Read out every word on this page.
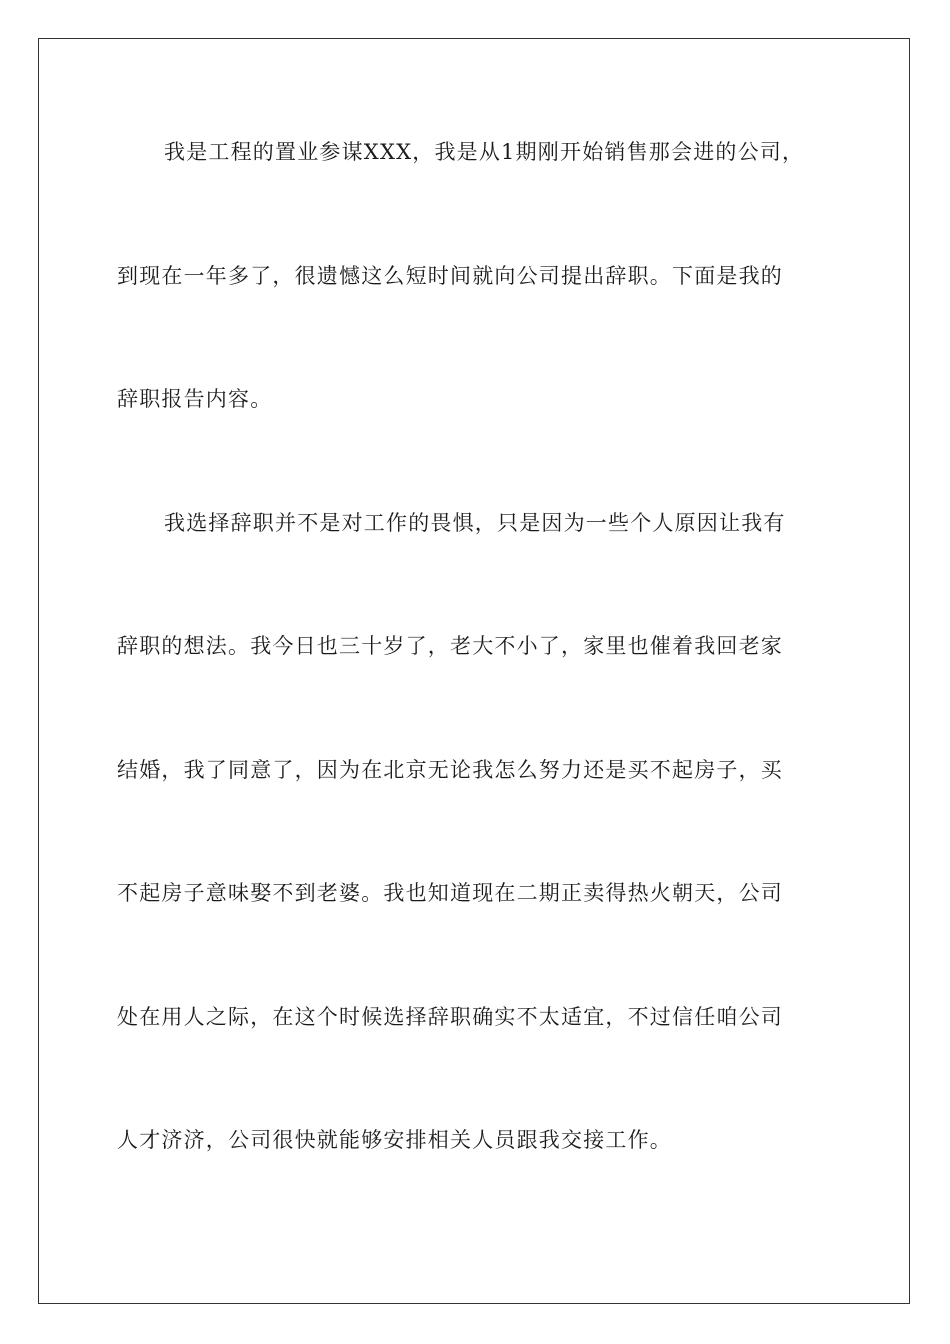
我是工程的置业参谋XXX，我是从1期刚开始销售那会进的公司，
到现在一年多了，很遗憾这么短时间就向公司提出辞职。下面是我的
辞职报告内容。
我选择辞职并不是对工作的畏惧，只是因为一些个人原因让我有
辞职的想法。我今日也三十岁了，老大不小了，家里也催着我回老家
结婚，我了同意了，因为在北京无论我怎么努力还是买不起房子，买
不起房子意味娶不到老婆。我也知道现在二期正卖得热火朝天，公司
处在用人之际，在这个时候选择辞职确实不太适宜，不过信任咱公司
人才济济，公司很快就能够安排相关人员跟我交接工作。
